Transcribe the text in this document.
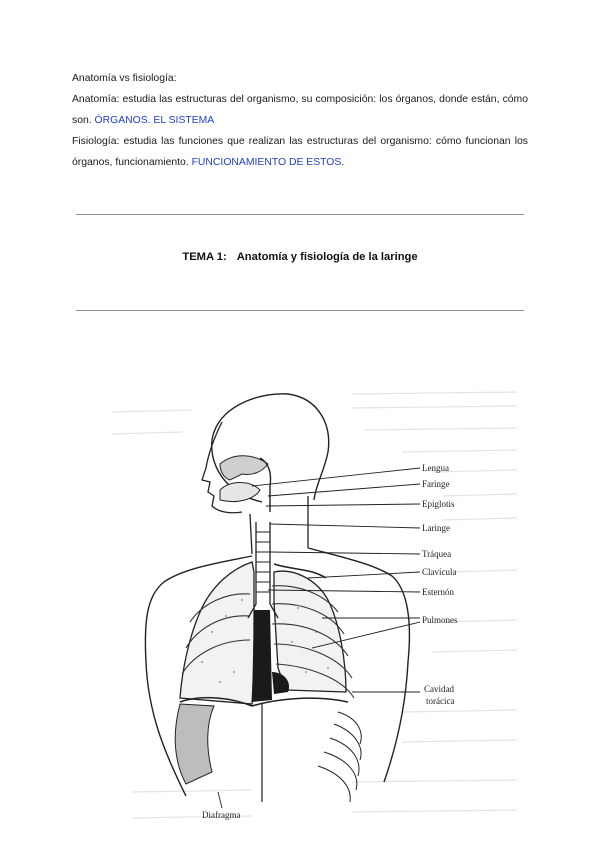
Anatomía vs fisiología:

Anatomía: estudia las estructuras del organismo, su composición: los órganos, donde están, cómo son. ÓRGANOS. EL SISTEMA

Fisiología: estudia las funciones que realizan las estructuras del organismo: cómo funcionan los órganos, funcionamiento. FUNCIONAMIENTO DE ESTOS.

TEMA 1: Anatomía y fisiología de la laringe
Lengua
Faringe
Epiglotis
Laringe
Tráquea
Clavícula
Esternón
Pulmones
Cavidad
torácica
Diafragma
